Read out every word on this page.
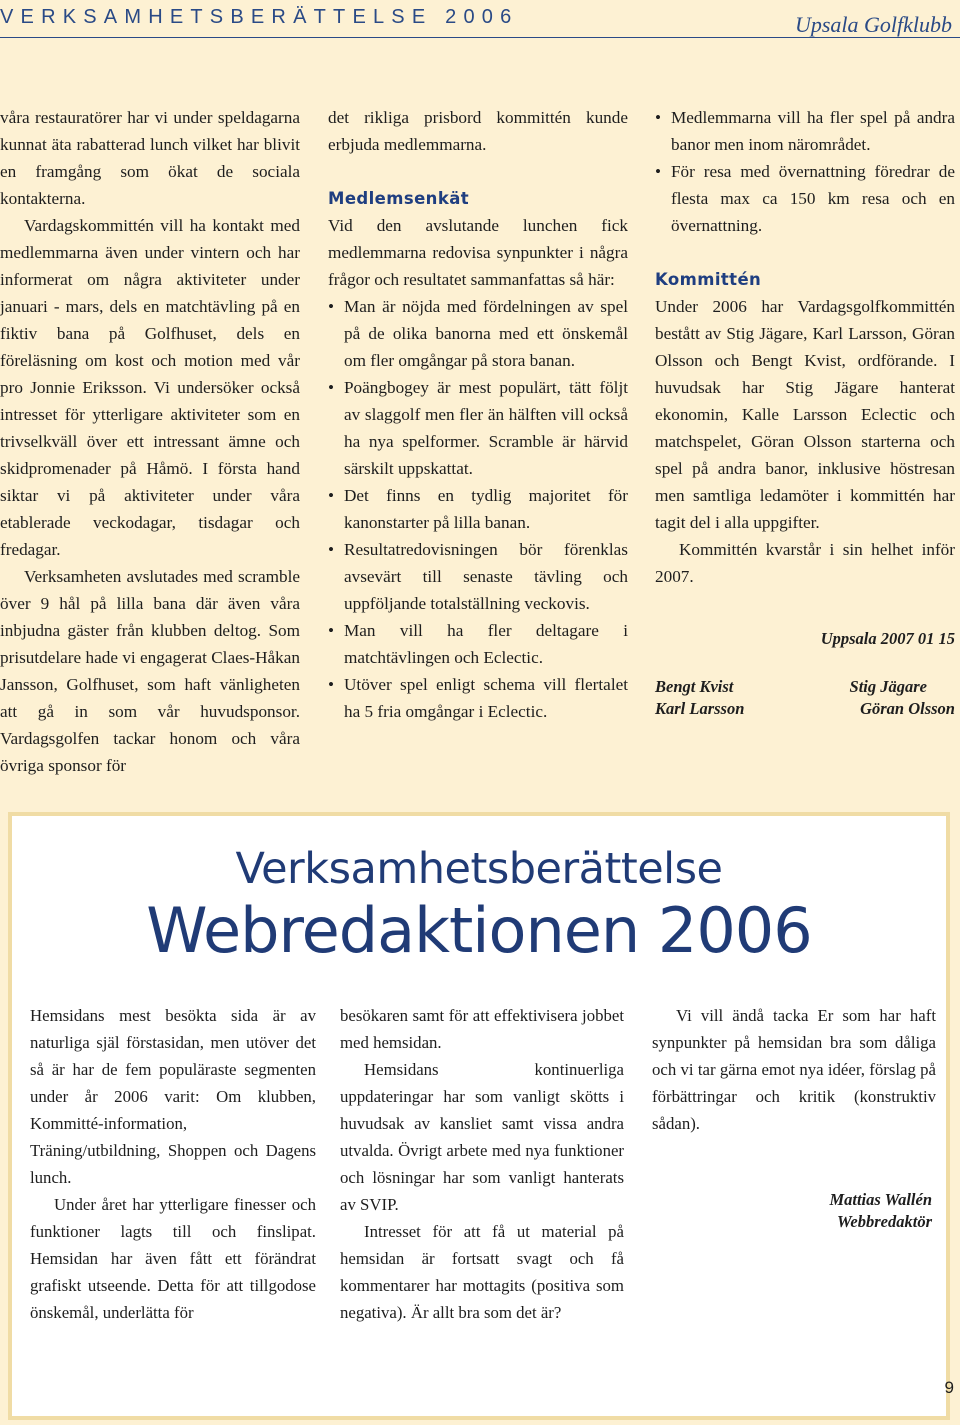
VERKSAMHETSBERÄTTELSE 2006	Upsala Golfklubb

våra restauratörer har vi under speldagarna kunnat äta rabatterad lunch vilket har blivit en framgång som ökat de sociala kontakterna.

Vardagskommittén vill ha kontakt med medlemmarna även under vintern och har informerat om några aktiviteter under januari - mars, dels en matchtävling på en fiktiv bana på Golfhuset, dels en föreläsning om kost och motion med vår pro Jonnie Eriksson. Vi undersöker också intresset för ytterligare aktiviteter som en trivselkväll över ett intressant ämne och skidpromenader på Håmö. I första hand siktar vi på aktiviteter under våra etablerade veckodagar, tisdagar och fredagar.

Verksamheten avslutades med scramble över 9 hål på lilla bana där även våra inbjudna gäster från klubben deltog. Som prisutdelare hade vi engagerat Claes-Håkan Jansson, Golfhuset, som haft vänligheten att gå in som vår huvudsponsor. Vardagsgolfen tackar honom och våra övriga sponsor för

det rikliga prisbord kommittén kunde erbjuda medlemmarna.

Medlemsenkät

Vid den avslutande lunchen fick medlemmarna redovisa synpunkter i några frågor och resultatet sammanfattas så här:

• Man är nöjda med fördelningen av spel på de olika banorna med ett önskemål om fler omgångar på stora banan.
• Poängbogey är mest populärt, tätt följt av slaggolf men fler än hälften vill också ha nya spelformer. Scramble är härvid särskilt uppskattat.
• Det finns en tydlig majoritet för kanonstarter på lilla banan.
• Resultatredovisningen bör förenklas avsevärt till senaste tävling och uppföljande totalställning veckovis.
• Man vill ha fler deltagare i matchtävlingen och Eclectic.
• Utöver spel enligt schema vill flertalet ha 5 fria omgångar i Eclectic.
• Medlemmarna vill ha fler spel på andra banor men inom närområdet.
• För resa med övernattning föredrar de flesta max ca 150 km resa och en övernattning.
Kommittén

Under 2006 har Vardagsgolfkommittén bestått av Stig Jägare, Karl Larsson, Göran Olsson och Bengt Kvist, ordförande. I huvudsak har Stig Jägare hanterat ekonomin, Kalle Larsson Eclectic och matchspelet, Göran Olsson starterna och spel på andra banor, inklusive höstresan men samtliga ledamöter i kommittén har tagit del i alla uppgifter.

Kommittén kvarstår i sin helhet inför 2007.

Uppsala 2007 01 15
Bengt Kvist	Stig Jägare
Karl Larsson	Göran Olsson
Verksamhetsberättelse
Webredaktionen 2006

Hemsidans mest besökta sida är av naturliga själ förstasidan, men utöver det så är har de fem populäraste segmenten under år 2006 varit: Om klubben, Kommitté-information, Träning/utbildning, Shoppen och Dagens lunch.

Under året har ytterligare finesser och funktioner lagts till och finslipat. Hemsidan har även fått ett förändrat grafiskt utseende. Detta för att tillgodose önskemål, underlätta för

besökaren samt för att effektivisera jobbet med hemsidan.

Hemsidans kontinuerliga uppdateringar har som vanligt skötts i huvudsak av kansliet samt vissa andra utvalda. Övrigt arbete med nya funktioner och lösningar har som vanligt hanterats av SVIP.

Intresset för att få ut material på hemsidan är fortsatt svagt och få kommentarer har mottagits (positiva som negativa). Är allt bra som det är?

Vi vill ändå tacka Er som har haft synpunkter på hemsidan bra som dåliga och vi tar gärna emot nya idéer, förslag på förbättringar och kritik (konstruktiv sådan).

Mattias Wallén
Webbredaktör
9
